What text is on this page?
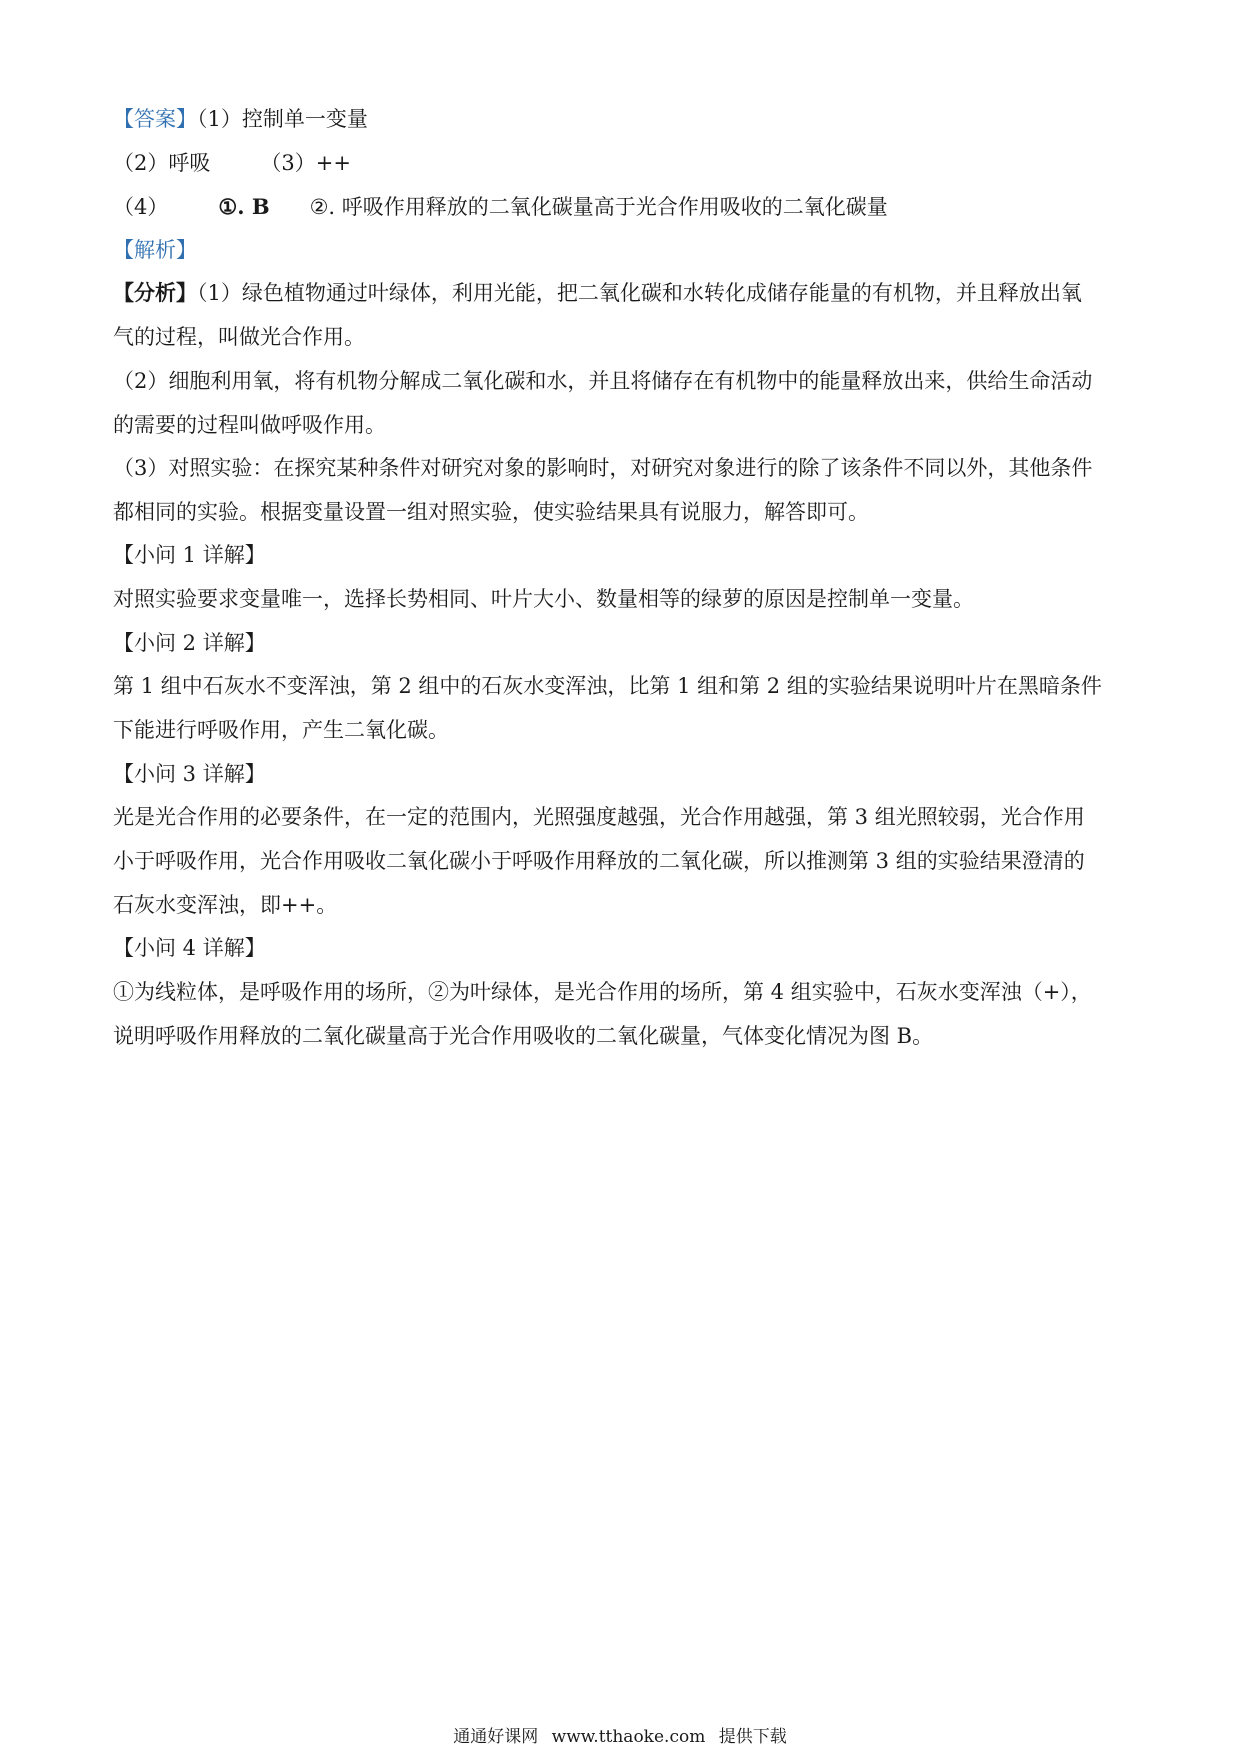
【答案】（1）控制单一变量
（2）呼吸 （3）++
（4） ①. B ②. 呼吸作用释放的二氧化碳量高于光合作用吸收的二氧化碳量
【解析】
【分析】（1）绿色植物通过叶绿体，利用光能，把二氧化碳和水转化成储存能量的有机物，并且释放出氧
气的过程，叫做光合作用。
（2）细胞利用氧，将有机物分解成二氧化碳和水，并且将储存在有机物中的能量释放出来，供给生命活动
的需要的过程叫做呼吸作用。
（3）对照实验：在探究某种条件对研究对象的影响时，对研究对象进行的除了该条件不同以外，其他条件
都相同的实验。根据变量设置一组对照实验，使实验结果具有说服力，解答即可。
【小问 1 详解】
对照实验要求变量唯一，选择长势相同、叶片大小、数量相等的绿萝的原因是控制单一变量。
【小问 2 详解】
第 1 组中石灰水不变浑浊，第 2 组中的石灰水变浑浊，比第 1 组和第 2 组的实验结果说明叶片在黑暗条件
下能进行呼吸作用，产生二氧化碳。
【小问 3 详解】
光是光合作用的必要条件，在一定的范围内，光照强度越强，光合作用越强，第 3 组光照较弱，光合作用
小于呼吸作用，光合作用吸收二氧化碳小于呼吸作用释放的二氧化碳，所以推测第 3 组的实验结果澄清的
石灰水变浑浊，即++。
【小问 4 详解】
①为线粒体，是呼吸作用的场所，②为叶绿体，是光合作用的场所，第 4 组实验中，石灰水变浑浊（+），
说明呼吸作用释放的二氧化碳量高于光合作用吸收的二氧化碳量，气体变化情况为图 B。
通通好课网 www.tthaoke.com 提供下载
